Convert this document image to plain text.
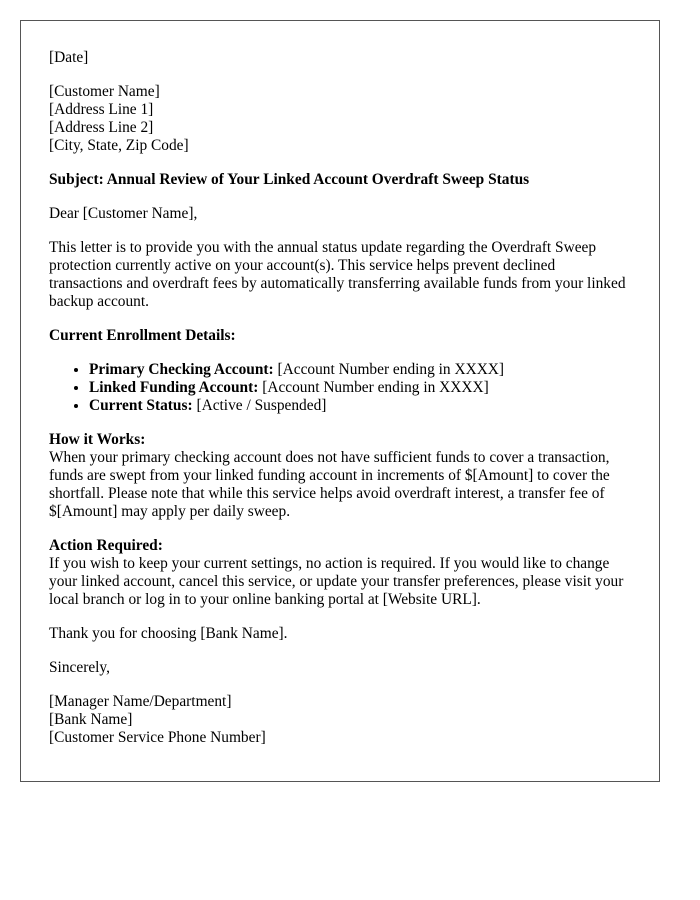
[Date]

[Customer Name]
[Address Line 1]
[Address Line 2]
[City, State, Zip Code]

Subject: Annual Review of Your Linked Account Overdraft Sweep Status

Dear [Customer Name],

This letter is to provide you with the annual status update regarding the Overdraft Sweep protection currently active on your account(s). This service helps prevent declined transactions and overdraft fees by automatically transferring available funds from your linked backup account.

Current Enrollment Details:

• Primary Checking Account: [Account Number ending in XXXX]
• Linked Funding Account: [Account Number ending in XXXX]
• Current Status: [Active / Suspended]

How it Works:
When your primary checking account does not have sufficient funds to cover a transaction, funds are swept from your linked funding account in increments of $[Amount] to cover the shortfall. Please note that while this service helps avoid overdraft interest, a transfer fee of $[Amount] may apply per daily sweep.

Action Required:
If you wish to keep your current settings, no action is required. If you would like to change your linked account, cancel this service, or update your transfer preferences, please visit your local branch or log in to your online banking portal at [Website URL].

Thank you for choosing [Bank Name].

Sincerely,

[Manager Name/Department]
[Bank Name]
[Customer Service Phone Number]
